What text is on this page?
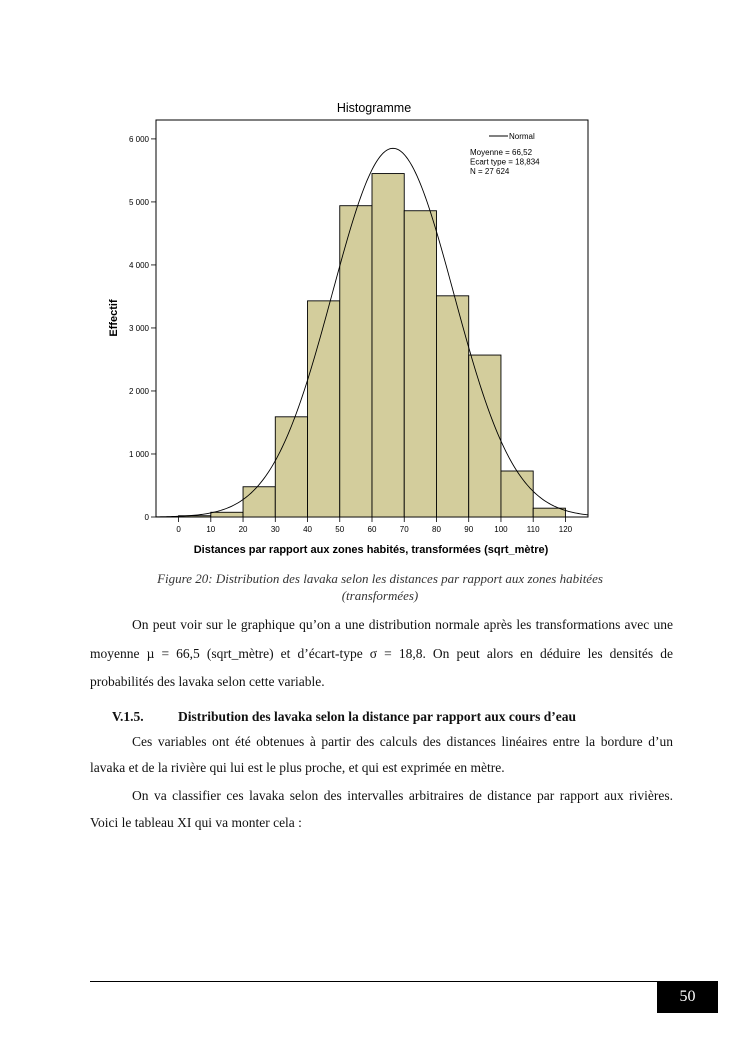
Histogramme
0
1 000
2 000
3 000
4 000
5 000
6 000
0	10	20	30	40	50	60	70	80	90	100 110 120
Normal
Moyenne = 66,52
Ecart type = 18,834
N = 27 624
Effectif
Distances par rapport aux zones habités, transformées (sqrt_mètre)
Figure 20: Distribution des lavaka selon les distances par rapport aux zones habitées
(transformées)
On peut voir sur le graphique qu’on a une distribution normale après les transformations avec une moyenne µ = 66,5 (sqrt_mètre) et d’écart-type σ = 18,8. On peut alors en déduire les densités de probabilités des lavaka selon cette variable.
V.1.5.	Distribution des lavaka selon la distance par rapport aux cours d’eau
Ces variables ont été obtenues à partir des calculs des distances linéaires entre la bordure d’un lavaka et de la rivière qui lui est le plus proche, et qui est exprimée en mètre.
On va classifier ces lavaka selon des intervalles arbitraires de distance par rapport aux rivières. Voici le tableau XI qui va monter cela :
50
